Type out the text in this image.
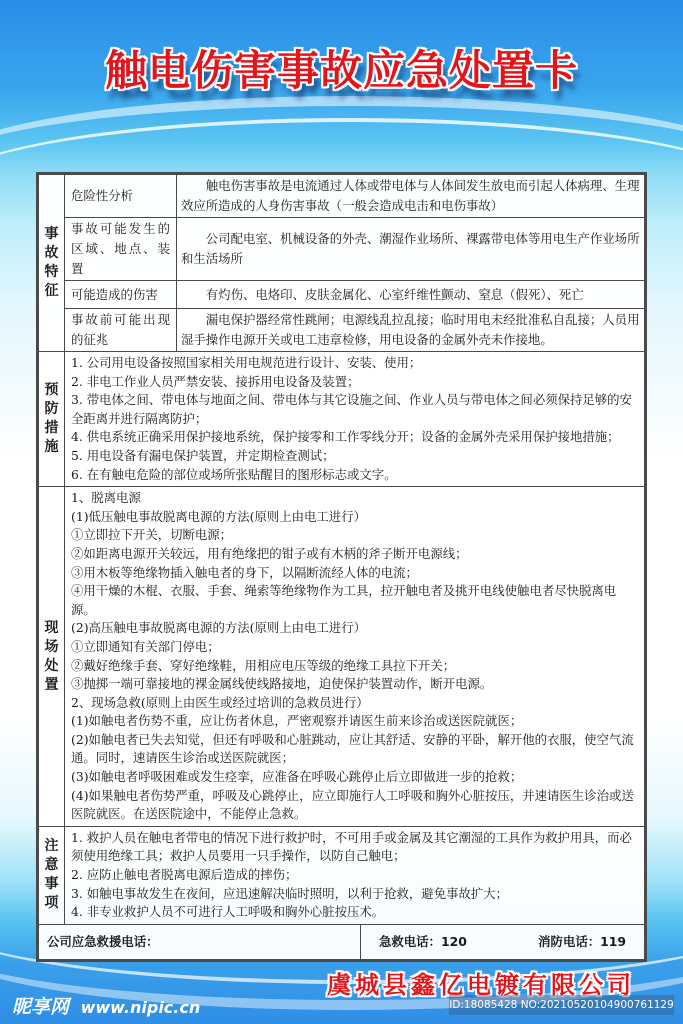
触电伤害事故应急处置卡
事
故
特
征	危险性分析	触电伤害事故是电流通过人体或带电体与人体间发生放电而引起人体病理、生理效应所造成的人身伤害事故（一般会造成电击和电伤事故）
	事故可能发生的区域、地点、装置	公司配电室、机械设备的外壳、潮湿作业场所、裸露带电体等用电生产作业场所和生活场所
	可能造成的伤害	有灼伤、电烙印、皮肤金属化、心室纤维性颤动、窒息（假死）、死亡
	事故前可能出现的征兆	漏电保护器经常性跳闸；电源线乱拉乱接；临时用电未经批准私自乱接；人员用湿手操作电源开关或电工违章检修，用电设备的金属外壳未作接地。

预
防
措
施

1. 公司用电设备按照国家相关用电规范进行设计、安装、使用；
2. 非电工作业人员严禁安装、接拆用电设备及装置；
3. 带电体之间、带电体与地面之间、带电体与其它设施之间、作业人员与带电体之间必须保持足够的安全距离并进行隔离防护；
4. 供电系统正确采用保护接地系统，保护接零和工作零线分开；设备的金属外壳采用保护接地措施；
5. 用电设备有漏电保护装置，并定期检查测试；
6. 在有触电危险的部位或场所张贴醒目的图形标志或文字。

现
场
处
置

1、脱离电源
(1)低压触电事故脱离电源的方法(原则上由电工进行）
①立即拉下开关，切断电源；
②如距离电源开关较远，用有绝缘把的钳子或有木柄的斧子断开电源线；
③用木板等绝缘物插入触电者的身下，以隔断流经人体的电流；
④用干燥的木棍、衣服、手套、绳索等绝缘物作为工具，拉开触电者及挑开电线使触电者尽快脱离电源。
(2)高压触电事故脱离电源的方法(原则上由电工进行）
①立即通知有关部门停电；
②戴好绝缘手套、穿好绝缘鞋，用相应电压等级的绝缘工具拉下开关；
③抛掷一端可靠接地的裸金属线使线路接地，迫使保护装置动作，断开电源。
2、现场急救(原则上由医生或经过培训的急救员进行）
(1)如触电者伤势不重，应让伤者休息，严密观察并请医生前来诊治或送医院就医；
(2)如触电者已失去知觉，但还有呼吸和心脏跳动，应让其舒适、安静的平卧，解开他的衣服，使空气流通。同时，速请医生诊治或送医院就医；
(3)如触电者呼吸困难或发生痉挛，应准备在呼吸心跳停止后立即做进一步的抢救；
(4)如果触电者伤势严重，呼吸及心跳停止，应立即施行人工呼吸和胸外心脏按压，并速请医生诊治或送医院就医。在送医院途中，不能停止急救。

注
意
事
项

1. 救护人员在触电者带电的情况下进行救护时，不可用手或金属及其它潮湿的工具作为救护用具，而必须使用绝缘工具；救护人员要用一只手操作，以防自己触电；
2. 应防止触电者脱离电源后造成的摔伤；
3. 如触电事故发生在夜间，应迅速解决临时照明，以利于抢救，避免事故扩大；
4. 非专业救护人员不可进行人工呼吸和胸外心脏按压术。
公司应急救援电话：	急救电话：120	消防电话：119
虞城县鑫亿电镀有限公司
昵享网 www.nipic.cn	ID:18085428 NO:20210520104900761129
